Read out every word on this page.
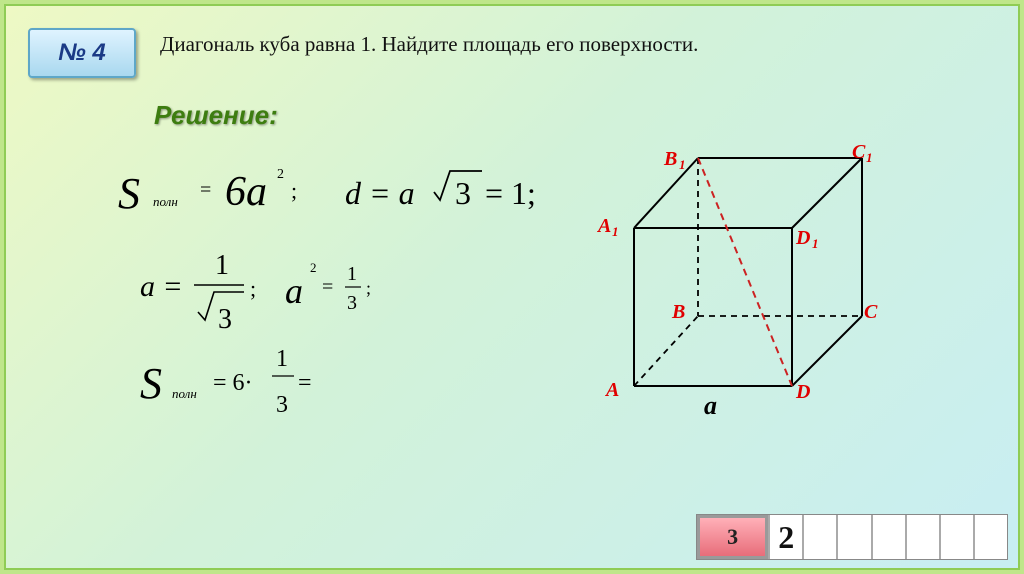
№ 4	Диагональ куба равна 1. Найдите площадь его поверхности.
Решение:
S полн
= 6a 2
; d = a 3 = 1;
a =
1
3
; a
2
=
1
3
;
S полн = 6·
1
3
=
B 1
C 1
A 1	D 1
B	C
A	D
a
3	2
